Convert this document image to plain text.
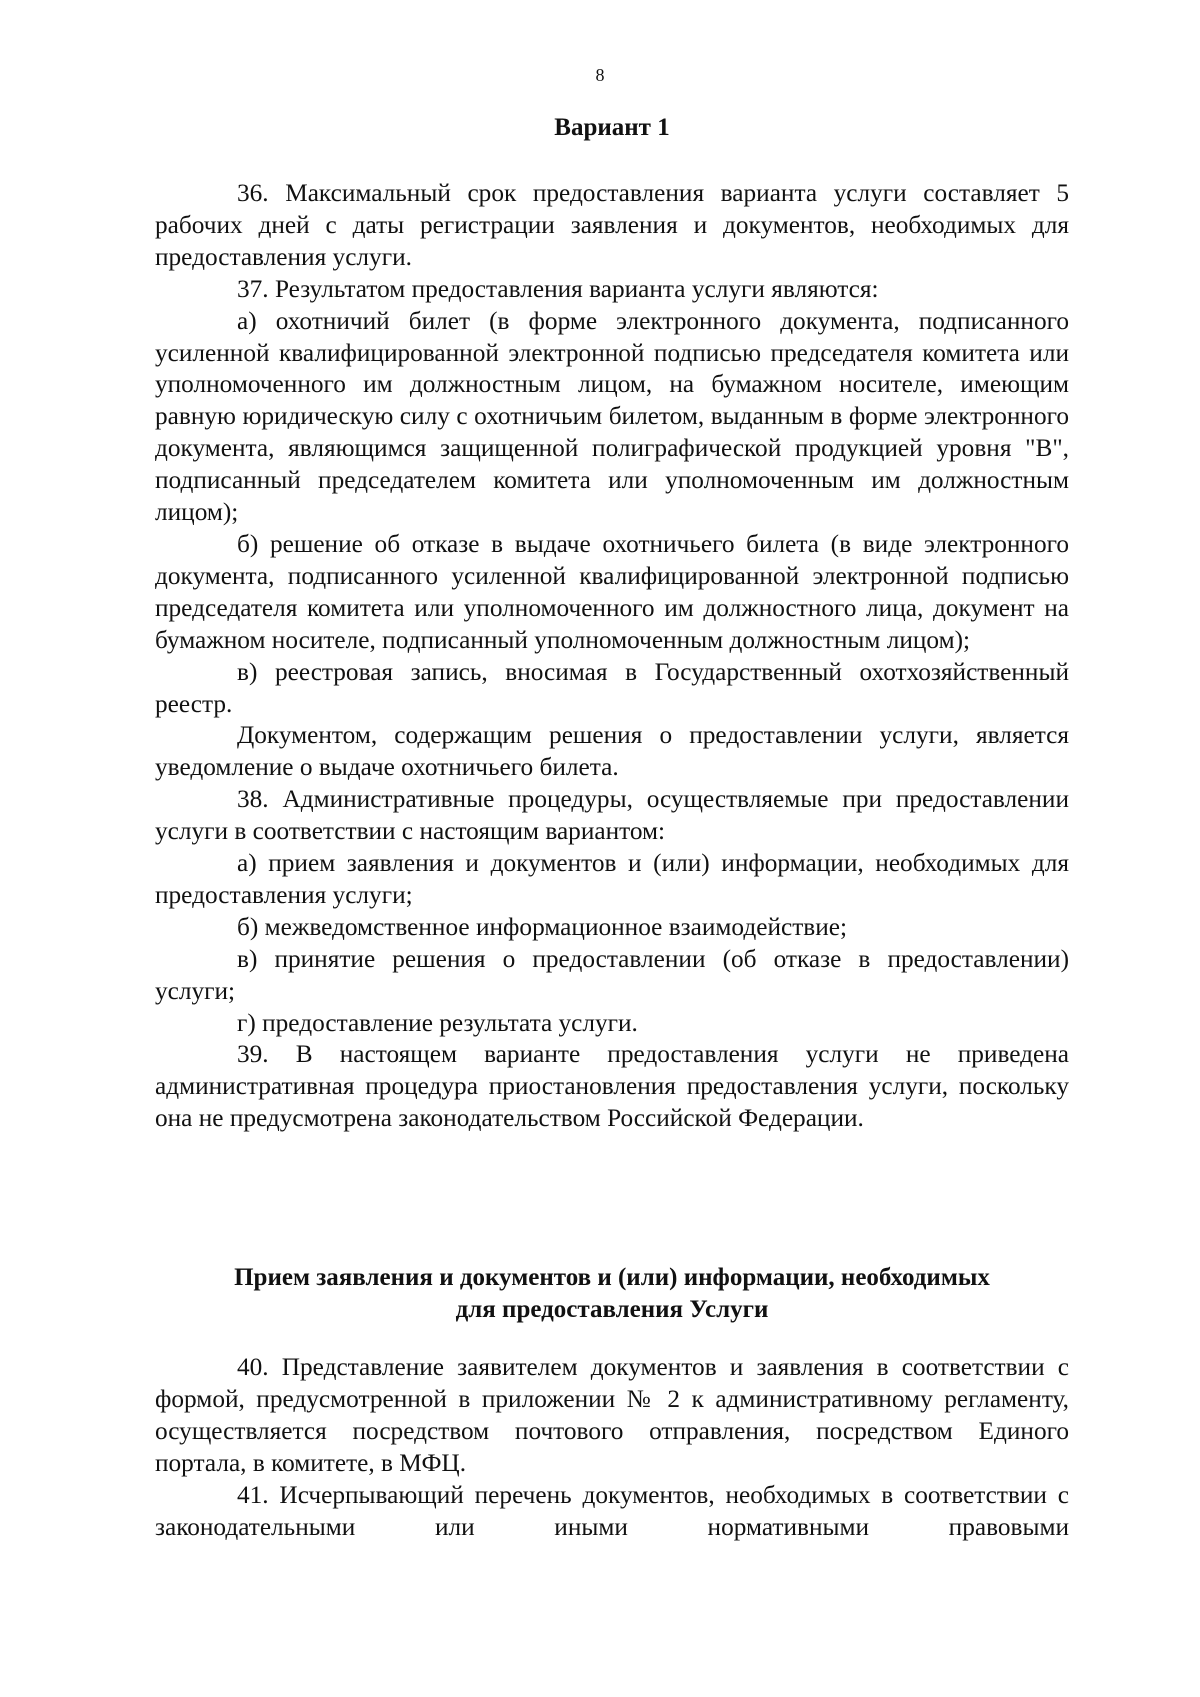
8
Вариант 1

36. Максимальный срок предоставления варианта услуги составляет 5 рабочих дней с даты регистрации заявления и документов, необходимых для предоставления услуги.

37. Результатом предоставления варианта услуги являются:

а) охотничий билет (в форме электронного документа, подписанного усиленной квалифицированной электронной подписью председателя комитета или уполномоченного им должностным лицом, на бумажном носителе, имеющим равную юридическую силу с охотничьим билетом, выданным в форме электронного документа, являющимся защищенной полиграфической продукцией уровня "В", подписанный председателем комитета или уполномоченным им должностным лицом);

б) решение об отказе в выдаче охотничьего билета (в виде электронного документа, подписанного усиленной квалифицированной электронной подписью председателя комитета или уполномоченного им должностного лица, документ на бумажном носителе, подписанный уполномоченным должностным лицом);

в) реестровая запись, вносимая в Государственный охотхозяйственный реестр.

Документом, содержащим решения о предоставлении услуги, является уведомление о выдаче охотничьего билета.

38. Административные процедуры, осуществляемые при предоставлении услуги в соответствии с настоящим вариантом:

а) прием заявления и документов и (или) информации, необходимых для предоставления услуги;

б) межведомственное информационное взаимодействие;

в) принятие решения о предоставлении (об отказе в предоставлении) услуги;

г) предоставление результата услуги.

39. В настоящем варианте предоставления услуги не приведена административная процедура приостановления предоставления услуги, поскольку она не предусмотрена законодательством Российской Федерации.

Прием заявления и документов и (или) информации, необходимых
для предоставления Услуги

40. Представление заявителем документов и заявления в соответствии с формой, предусмотренной в приложении № 2 к административному регламенту, осуществляется посредством почтового отправления, посредством Единого портала, в комитете, в МФЦ.

41. Исчерпывающий перечень документов, необходимых в соответствии с законодательными или иными нормативными правовыми
